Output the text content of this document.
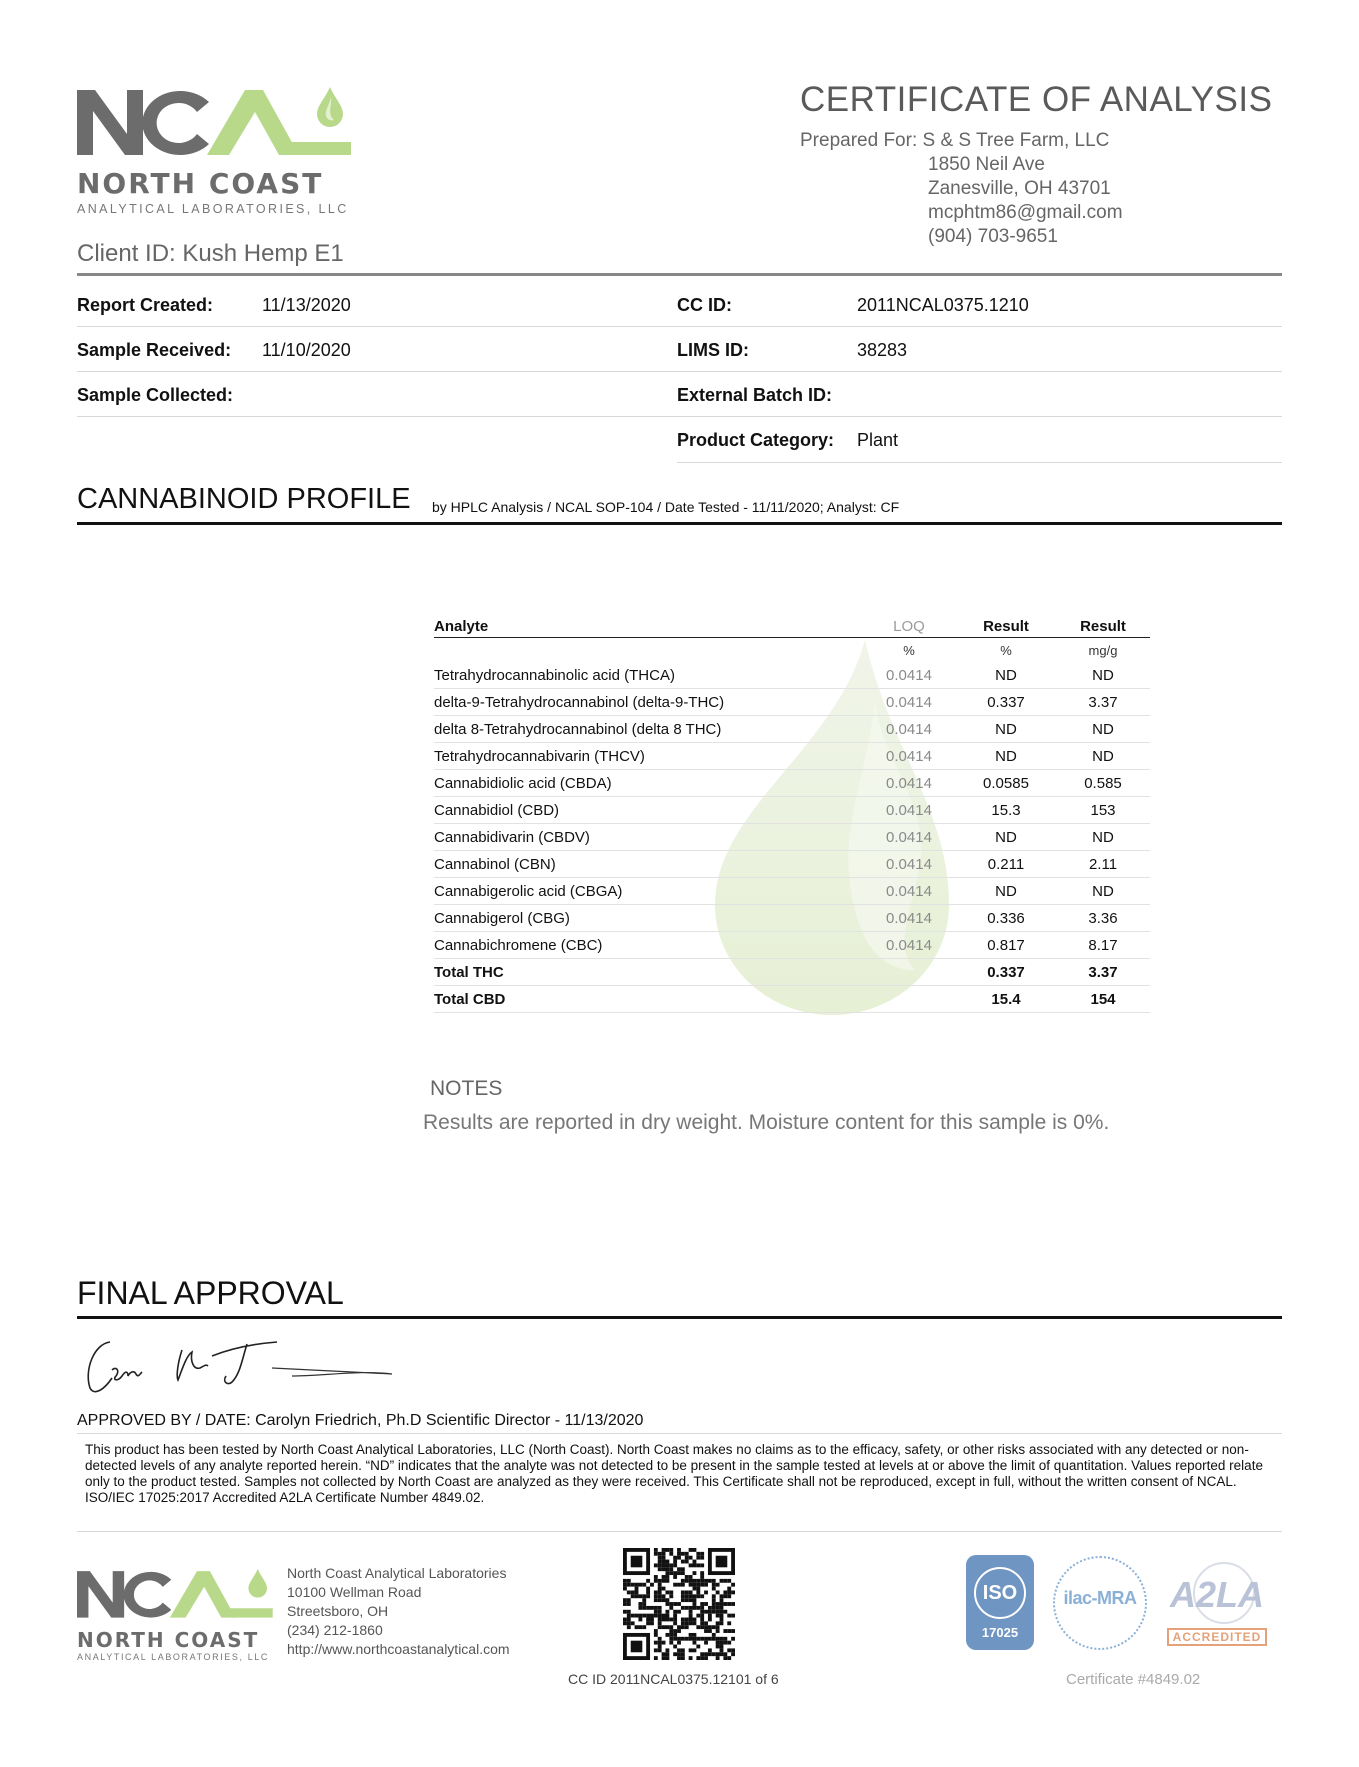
NORTH COAST
ANALYTICAL LABORATORIES, LLC
CERTIFICATE OF ANALYSIS
Prepared For: S & S Tree Farm, LLC
1850 Neil Ave
Zanesville, OH 43701
mcphtm86@gmail.com
(904) 703-9651
Client ID: Kush Hemp E1
Report Created:	11/13/2020	CC ID:	2011NCAL0375.1210
Sample Received: 11/10/2020	LIMS ID:	38283
Sample Collected:	External Batch ID:
Product Category: Plant
CANNABINOID PROFILE by HPLC Analysis / NCAL SOP-104 / Date Tested - 11/11/2020; Analyst: CF
Analyte	LOQ	Result	Result
	%	%	mg/g
Tetrahydrocannabinolic acid (THCA)	0.0414	ND	ND
delta-9-Tetrahydrocannabinol (delta-9-THC)	0.0414	0.337	3.37
delta 8-Tetrahydrocannabinol (delta 8 THC)	0.0414	ND	ND
Tetrahydrocannabivarin (THCV)	0.0414	ND	ND
Cannabidiolic acid (CBDA)	0.0414	0.0585	0.585
Cannabidiol (CBD)	0.0414	15.3	153
Cannabidivarin (CBDV)	0.0414	ND	ND
Cannabinol (CBN)	0.0414	0.211	2.11
Cannabigerolic acid (CBGA)	0.0414	ND	ND
Cannabigerol (CBG)	0.0414	0.336	3.36
Cannabichromene (CBC)	0.0414	0.817	8.17
Total THC		0.337	3.37
Total CBD		15.4	154
NOTES
Results are reported in dry weight. Moisture content for this sample is 0%.
FINAL APPROVAL
APPROVED BY / DATE: Carolyn Friedrich, Ph.D Scientific Director - 11/13/2020
This product has been tested by North Coast Analytical Laboratories, LLC (North Coast). North Coast makes no claims as to the efficacy, safety, or other risks associated with any detected or non-detected levels of any analyte reported herein. “ND” indicates that the analyte was not detected to be present in the sample tested at levels at or above the limit of quantitation. Values reported relate only to the product tested. Samples not collected by North Coast are analyzed as they were received. This Certificate shall not be reproduced, except in full, without the written consent of NCAL. ISO/IEC 17025:2017 Accredited A2LA Certificate Number 4849.02.
NORTH COAST
ANALYTICAL LABORATORIES, LLC
North Coast Analytical Laboratories
10100 Wellman Road
Streetsboro, OH
(234) 212-1860
http://www.northcoastanalytical.com
CC ID 2011NCAL0375.12101 of 6	Certificate #4849.02
ISO
17025
ilac-MRA A2LA
ACCREDITED
